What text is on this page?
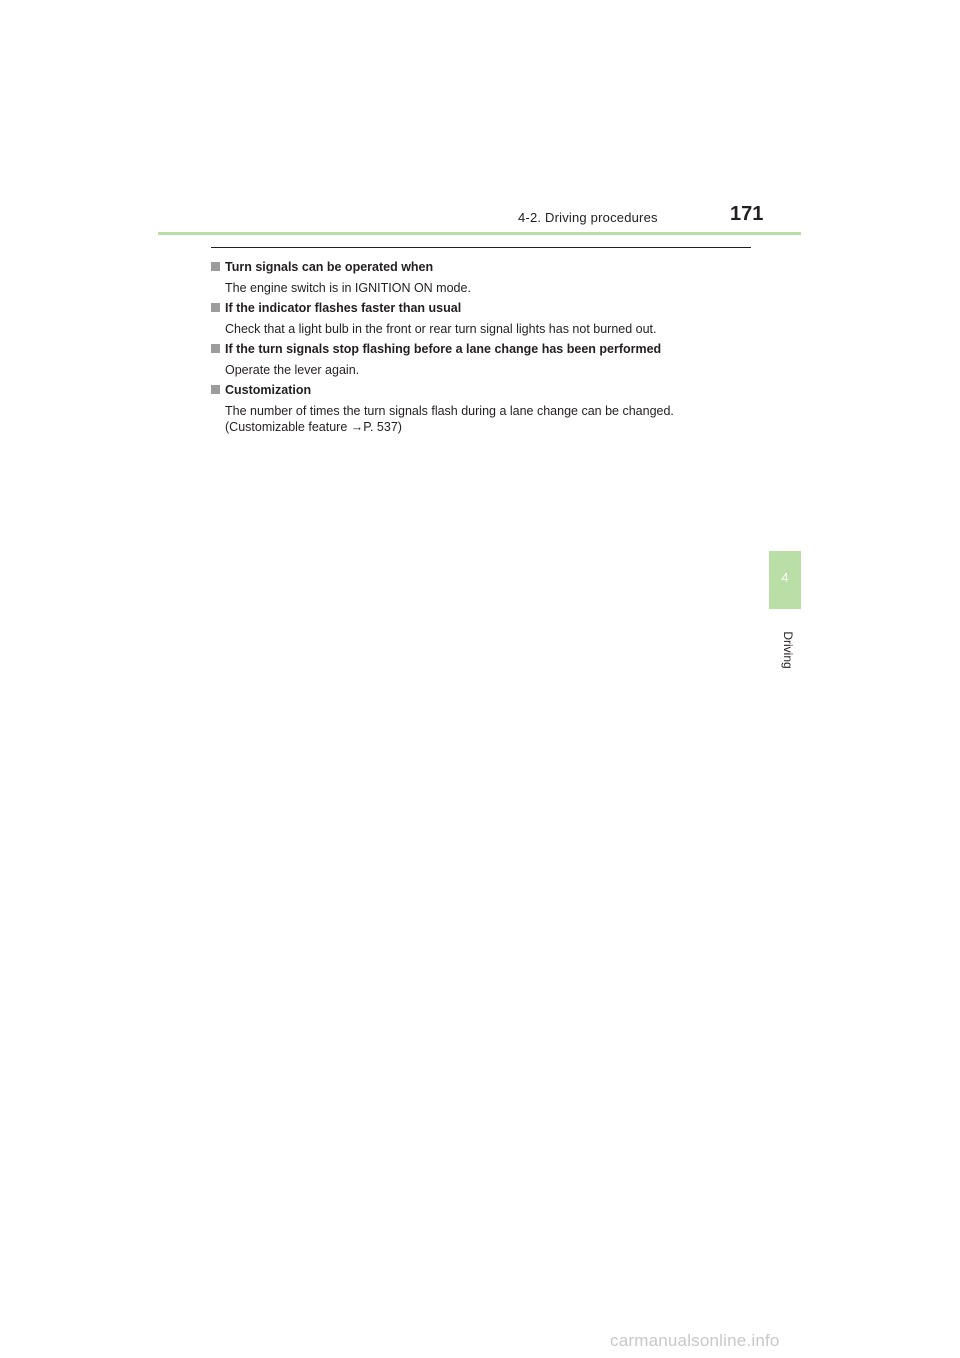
4-2. Driving procedures	171
Turn signals can be operated when
The engine switch is in IGNITION ON mode.
If the indicator flashes faster than usual
Check that a light bulb in the front or rear turn signal lights has not burned out.
If the turn signals stop flashing before a lane change has been performed
Operate the lever again.
Customization
The number of times the turn signals flash during a lane change can be changed.
(Customizable feature →P. 537)
4
Driving
carmanualsonline.info
